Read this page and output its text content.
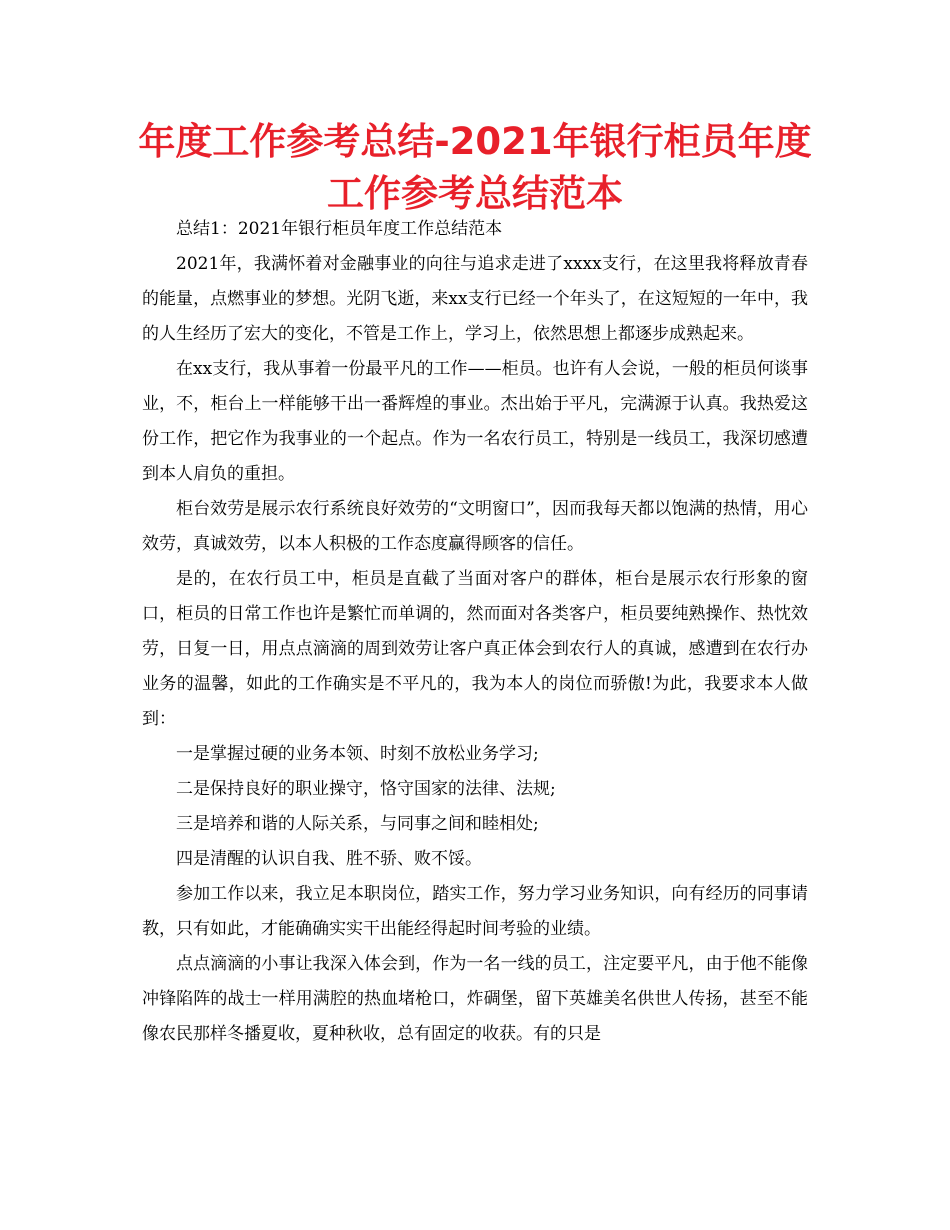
年度工作参考总结-2021年银行柜员年度工作参考总结范本

总结1：2021年银行柜员年度工作总结范本

2021年，我满怀着对金融事业的向往与追求走进了xxxx支行，在这里我将释放青春的能量，点燃事业的梦想。光阴飞逝，来xx支行已经一个年头了，在这短短的一年中，我的人生经历了宏大的变化，不管是工作上，学习上，依然思想上都逐步成熟起来。

在xx支行，我从事着一份最平凡的工作——柜员。也许有人会说，一般的柜员何谈事业，不，柜台上一样能够干出一番辉煌的事业。杰出始于平凡，完满源于认真。我热爱这份工作，把它作为我事业的一个起点。作为一名农行员工，特别是一线员工，我深切感遭到本人肩负的重担。

柜台效劳是展示农行系统良好效劳的“文明窗口”，因而我每天都以饱满的热情，用心效劳，真诚效劳，以本人积极的工作态度赢得顾客的信任。

是的，在农行员工中，柜员是直截了当面对客户的群体，柜台是展示农行形象的窗口，柜员的日常工作也许是繁忙而单调的，然而面对各类客户，柜员要纯熟操作、热忱效劳，日复一日，用点点滴滴的周到效劳让客户真正体会到农行人的真诚，感遭到在农行办业务的温馨，如此的工作确实是不平凡的，我为本人的岗位而骄傲!为此，我要求本人做到：

一是掌握过硬的业务本领、时刻不放松业务学习;

二是保持良好的职业操守，恪守国家的法律、法规;

三是培养和谐的人际关系，与同事之间和睦相处;

四是清醒的认识自我、胜不骄、败不馁。

参加工作以来，我立足本职岗位，踏实工作，努力学习业务知识，向有经历的同事请教，只有如此，才能确确实实干出能经得起时间考验的业绩。

点点滴滴的小事让我深入体会到，作为一名一线的员工，注定要平凡，由于他不能像冲锋陷阵的战士一样用满腔的热血堵枪口，炸碉堡，留下英雄美名供世人传扬，甚至不能像农民那样冬播夏收，夏种秋收，总有固定的收获。有的只是
